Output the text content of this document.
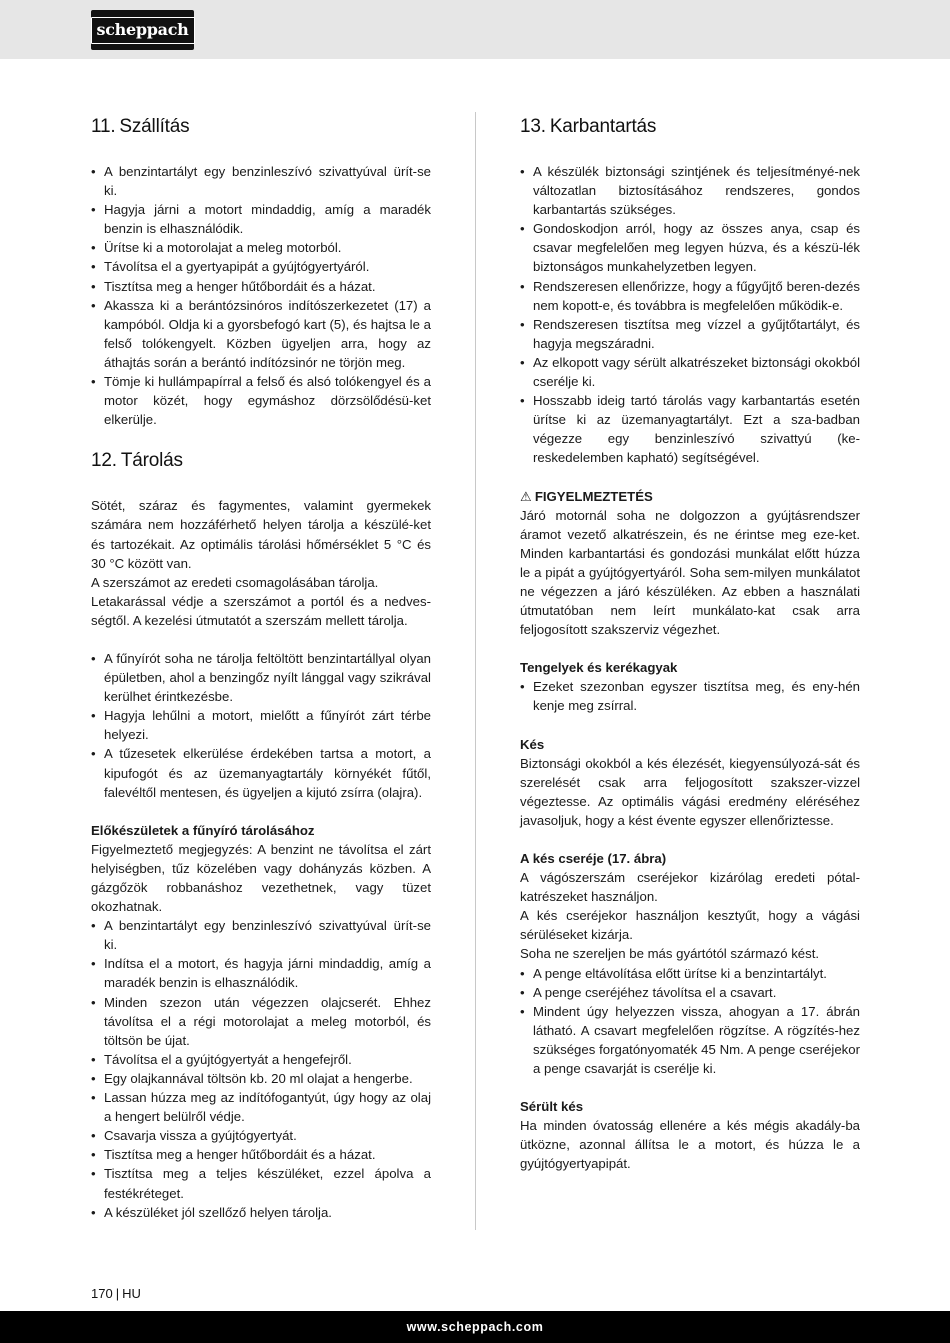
scheppach
11. Szállítás
• A benzintartályt egy benzinleszívó szivattyúval ürít-se ki.
• Hagyja járni a motort mindaddig, amíg a maradék benzin is elhasználódik.
• Ürítse ki a motorolajat a meleg motorból.
• Távolítsa el a gyertyapipát a gyújtógyertyáról.
• Tisztítsa meg a henger hűtőbordáit és a házat.
• Akassza ki a berántózsinóros indítószerkezetet (17) a kampóból. Oldja ki a gyorsbefogó kart (5), és hajtsa le a felső tolókengyelt. Közben ügyeljen arra, hogy az áthajtás során a berántó indítózsinór ne törjön meg.
• Tömje ki hullámpapírral a felső és alsó tolókengyel és a motor közét, hogy egymáshoz dörzsölődésü-ket elkerülje.
12. Tárolás

Sötét, száraz és fagymentes, valamint gyermekek számára nem hozzáférhető helyen tárolja a készülé-ket és tartozékait. Az optimális tárolási hőmérséklet 5 °C és 30 °C között van.

A szerszámot az eredeti csomagolásában tárolja.

Letakarással védje a szerszámot a portól és a nedves-ségtől. A kezelési útmutatót a szerszám mellett tárolja.

• A fűnyírót soha ne tárolja feltöltött benzintartállyal olyan épületben, ahol a benzingőz nyílt lánggal vagy szikrával kerülhet érintkezésbe.
• Hagyja lehűlni a motort, mielőtt a fűnyírót zárt térbe helyezi.
• A tűzesetek elkerülése érdekében tartsa a motort, a kipufogót és az üzemanyagtartály környékét fűtől, falevéltől mentesen, és ügyeljen a kijutó zsírra (olajra).

Előkészületek a fűnyíró tárolásához

Figyelmeztető megjegyzés: A benzint ne távolítsa el zárt helyiségben, tűz közelében vagy dohányzás közben. A gázgőzök robbanáshoz vezethetnek, vagy tüzet okozhatnak.

• A benzintartályt egy benzinleszívó szivattyúval ürít-se ki.
• Indítsa el a motort, és hagyja járni mindaddig, amíg a maradék benzin is elhasználódik.
• Minden szezon után végezzen olajcserét. Ehhez távolítsa el a régi motorolajat a meleg motorból, és töltsön be újat.
• Távolítsa el a gyújtógyertyát a hengefejről.
• Egy olajkannával töltsön kb. 20 ml olajat a hengerbe.
• Lassan húzza meg az indítófogantyút, úgy hogy az olaj a hengert belülről védje.
• Csavarja vissza a gyújtógyertyát.
• Tisztítsa meg a henger hűtőbordáit és a házat.
• Tisztítsa meg a teljes készüléket, ezzel ápolva a festékréteget.
• A készüléket jól szellőző helyen tárolja.
13. Karbantartás
• A készülék biztonsági szintjének és teljesítményé-nek változatlan biztosításához rendszeres, gondos karbantartás szükséges.
• Gondoskodjon arról, hogy az összes anya, csap és csavar megfelelően meg legyen húzva, és a készü-lék biztonságos munkahelyzetben legyen.
• Rendszeresen ellenőrizze, hogy a fűgyűjtő beren-dezés nem kopott-e, és továbbra is megfelelően működik-e.
• Rendszeresen tisztítsa meg vízzel a gyűjtőtartályt, és hagyja megszáradni.
• Az elkopott vagy sérült alkatrészeket biztonsági okokból cserélje ki.
• Hosszabb ideig tartó tárolás vagy karbantartás esetén ürítse ki az üzemanyagtartályt. Ezt a sza-badban végezze egy benzinleszívó szivattyú (ke-reskedelemben kapható) segítségével.

⚠ FIGYELMEZTETÉS

Járó motornál soha ne dolgozzon a gyújtásrendszer áramot vezető alkatrészein, és ne érintse meg eze-ket. Minden karbantartási és gondozási munkálat előtt húzza le a pipát a gyújtógyertyáról. Soha sem-milyen munkálatot ne végezzen a járó készüléken. Az ebben a használati útmutatóban nem leírt munkálato-kat csak arra feljogosított szakszerviz végezhet.

Tengelyek és kerékagyak

• Ezeket szezonban egyszer tisztítsa meg, és eny-hén kenje meg zsírral.

Kés

Biztonsági okokból a kés élezését, kiegyensúlyozá-sát és szerelését csak arra feljogosított szakszer-vizzel végeztesse. Az optimális vágási eredmény eléréséhez javasoljuk, hogy a kést évente egyszer ellenőriztesse.

A kés cseréje (17. ábra)

A vágószerszám cseréjekor kizárólag eredeti pótal-katrészeket használjon.

A kés cseréjekor használjon kesztyűt, hogy a vágási sérüléseket kizárja.

Soha ne szereljen be más gyártótól származó kést.

• A penge eltávolítása előtt ürítse ki a benzintartályt.
• A penge cseréjéhez távolítsa el a csavart.
• Mindent úgy helyezzen vissza, ahogyan a 17. ábrán látható. A csavart megfelelően rögzítse. A rögzítés-hez szükséges forgatónyomaték 45 Nm. A penge cseréjekor a penge csavarját is cserélje ki.

Sérült kés

Ha minden óvatosság ellenére a kés mégis akadály-ba ütközne, azonnal állítsa le a motort, és húzza le a gyújtógyertyapipát.

170 | HU
www.scheppach.com
